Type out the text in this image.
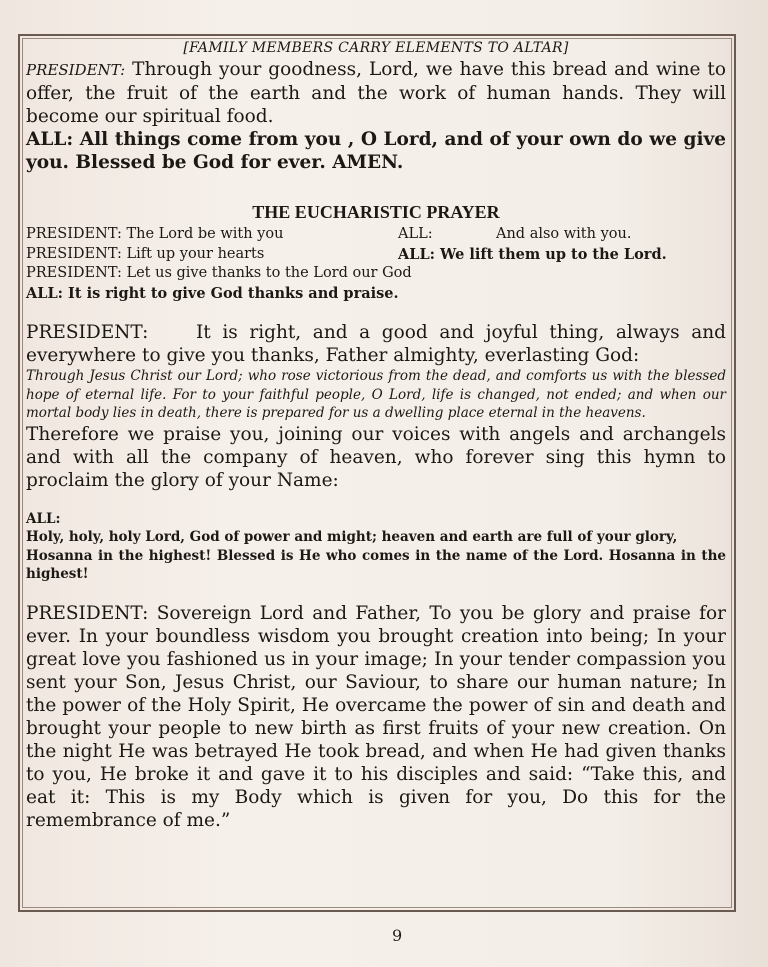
[FAMILY MEMBERS CARRY ELEMENTS TO ALTAR]

PRESIDENT: Through your goodness, Lord, we have this bread and wine to offer, the fruit of the earth and the work of human hands. They will become our spiritual food.

ALL: All things come from you , O Lord, and of your own do we give you. Blessed be God for ever. AMEN.

THE EUCHARISTIC PRAYER
PRESIDENT: The Lord be with you	ALL:	And also with you.
PRESIDENT: Lift up your hearts	ALL: We lift them up to the Lord.
PRESIDENT: Let us give thanks to the Lord our God
ALL: It is right to give God thanks and praise.

PRESIDENT:	It is right, and a good and joyful thing, always and everywhere to give you thanks, Father almighty, everlasting God:

Through Jesus Christ our Lord; who rose victorious from the dead, and comforts us with the blessed hope of eternal life. For to your faithful people, O Lord, life is changed, not ended; and when our mortal body lies in death, there is prepared for us a dwelling place eternal in the heavens.

Therefore we praise you, joining our voices with angels and archangels and with all the company of heaven, who forever sing this hymn to proclaim the glory of your Name:

ALL:

Holy, holy, holy Lord, God of power and might; heaven and earth are full of your glory,

Hosanna in the highest! Blessed is He who comes in the name of the Lord. Hosanna in the highest!

PRESIDENT: Sovereign Lord and Father, To you be glory and praise for ever. In your boundless wisdom you brought creation into being; In your great love you fashioned us in your image; In your tender compassion you sent your Son, Jesus Christ, our Saviour, to share our human nature; In the power of the Holy Spirit, He overcame the power of sin and death and brought your people to new birth as first fruits of your new creation. On the night He was betrayed He took bread, and when He had given thanks to you, He broke it and gave it to his disciples and said: “Take this, and eat it: This is my Body which is given for you, Do this for the remembrance of me.”

9
